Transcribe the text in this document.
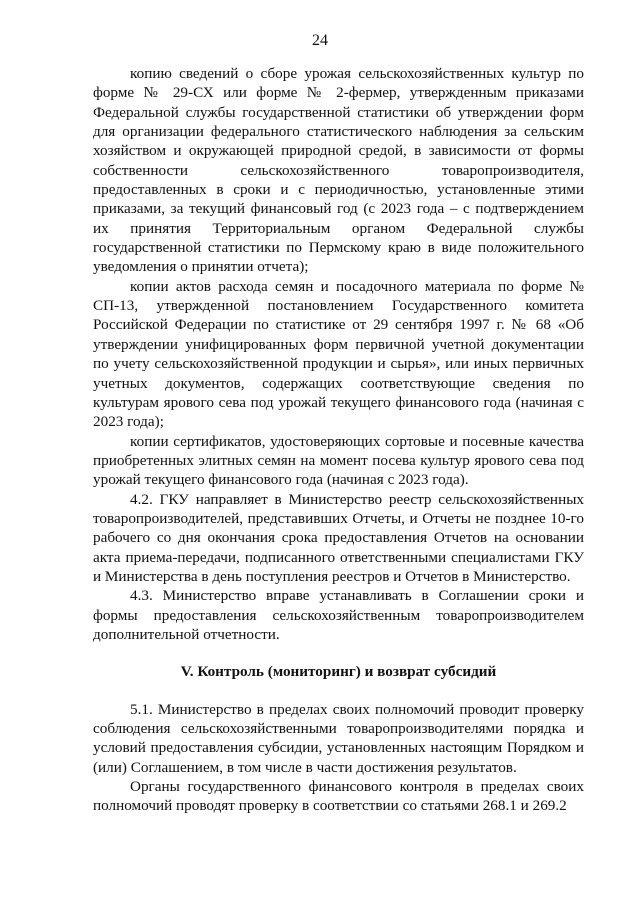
24

копию сведений о сборе урожая сельскохозяйственных культур по форме № 29-СХ или форме № 2-фермер, утвержденным приказами Федеральной службы государственной статистики об утверждении форм для организации федерального статистического наблюдения за сельским хозяйством и окружающей природной средой, в зависимости от формы собственности сельскохозяйственного товаропроизводителя, предоставленных в сроки и с периодичностью, установленные этими приказами, за текущий финансовый год (с 2023 года – с подтверждением их принятия Территориальным органом Федеральной службы государственной статистики по Пермскому краю в виде положительного уведомления о принятии отчета);

копии актов расхода семян и посадочного материала по форме № СП-13, утвержденной постановлением Государственного комитета Российской Федерации по статистике от 29 сентября 1997 г. № 68 «Об утверждении унифицированных форм первичной учетной документации по учету сельскохозяйственной продукции и сырья», или иных первичных учетных документов, содержащих соответствующие сведения по культурам ярового сева под урожай текущего финансового года (начиная с 2023 года);

копии сертификатов, удостоверяющих сортовые и посевные качества приобретенных элитных семян на момент посева культур ярового сева под урожай текущего финансового года (начиная с 2023 года).

4.2. ГКУ направляет в Министерство реестр сельскохозяйственных товаропроизводителей, представивших Отчеты, и Отчеты не позднее 10-го рабочего со дня окончания срока предоставления Отчетов на основании акта приема-передачи, подписанного ответственными специалистами ГКУ и Министерства в день поступления реестров и Отчетов в Министерство.

4.3. Министерство вправе устанавливать в Соглашении сроки и формы предоставления сельскохозяйственным товаропроизводителем дополнительной отчетности.

V. Контроль (мониторинг) и возврат субсидий

5.1. Министерство в пределах своих полномочий проводит проверку соблюдения сельскохозяйственными товаропроизводителями порядка и условий предоставления субсидии, установленных настоящим Порядком и (или) Соглашением, в том числе в части достижения результатов.

Органы государственного финансового контроля в пределах своих полномочий проводят проверку в соответствии со статьями 268.1 и 269.2
